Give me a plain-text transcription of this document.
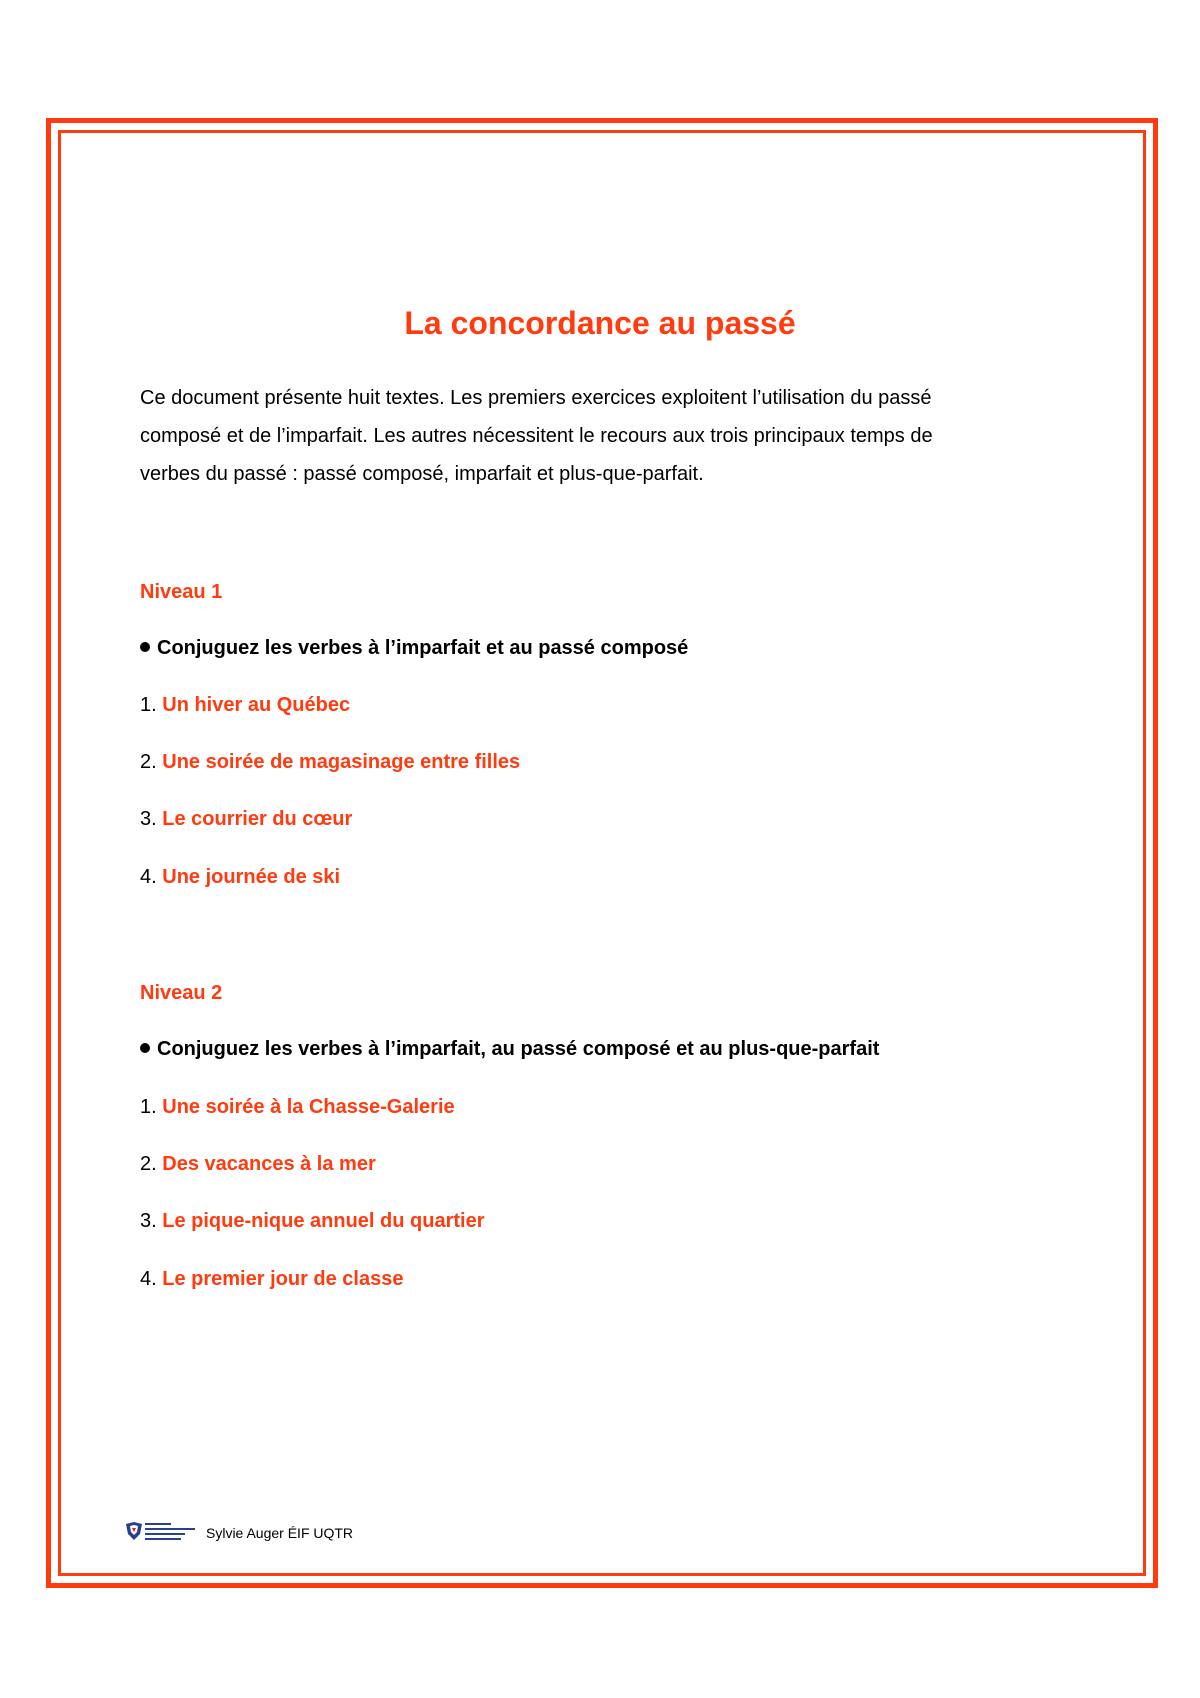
La concordance au passé
Ce document présente huit textes. Les premiers exercices exploitent l’utilisation du passé
composé et de l’imparfait. Les autres nécessitent le recours aux trois principaux temps de
verbes du passé : passé composé, imparfait et plus-que-parfait.
Niveau 1
Conjuguez les verbes à l’imparfait et au passé composé
1. Un hiver au Québec
2. Une soirée de magasinage entre filles
3. Le courrier du cœur
4. Une journée de ski
Niveau 2
Conjuguez les verbes à l’imparfait, au passé composé et au plus-que-parfait
1. Une soirée à la Chasse-Galerie
2. Des vacances à la mer
3. Le pique-nique annuel du quartier
4. Le premier jour de classe
Sylvie Auger ÉIF UQTR
